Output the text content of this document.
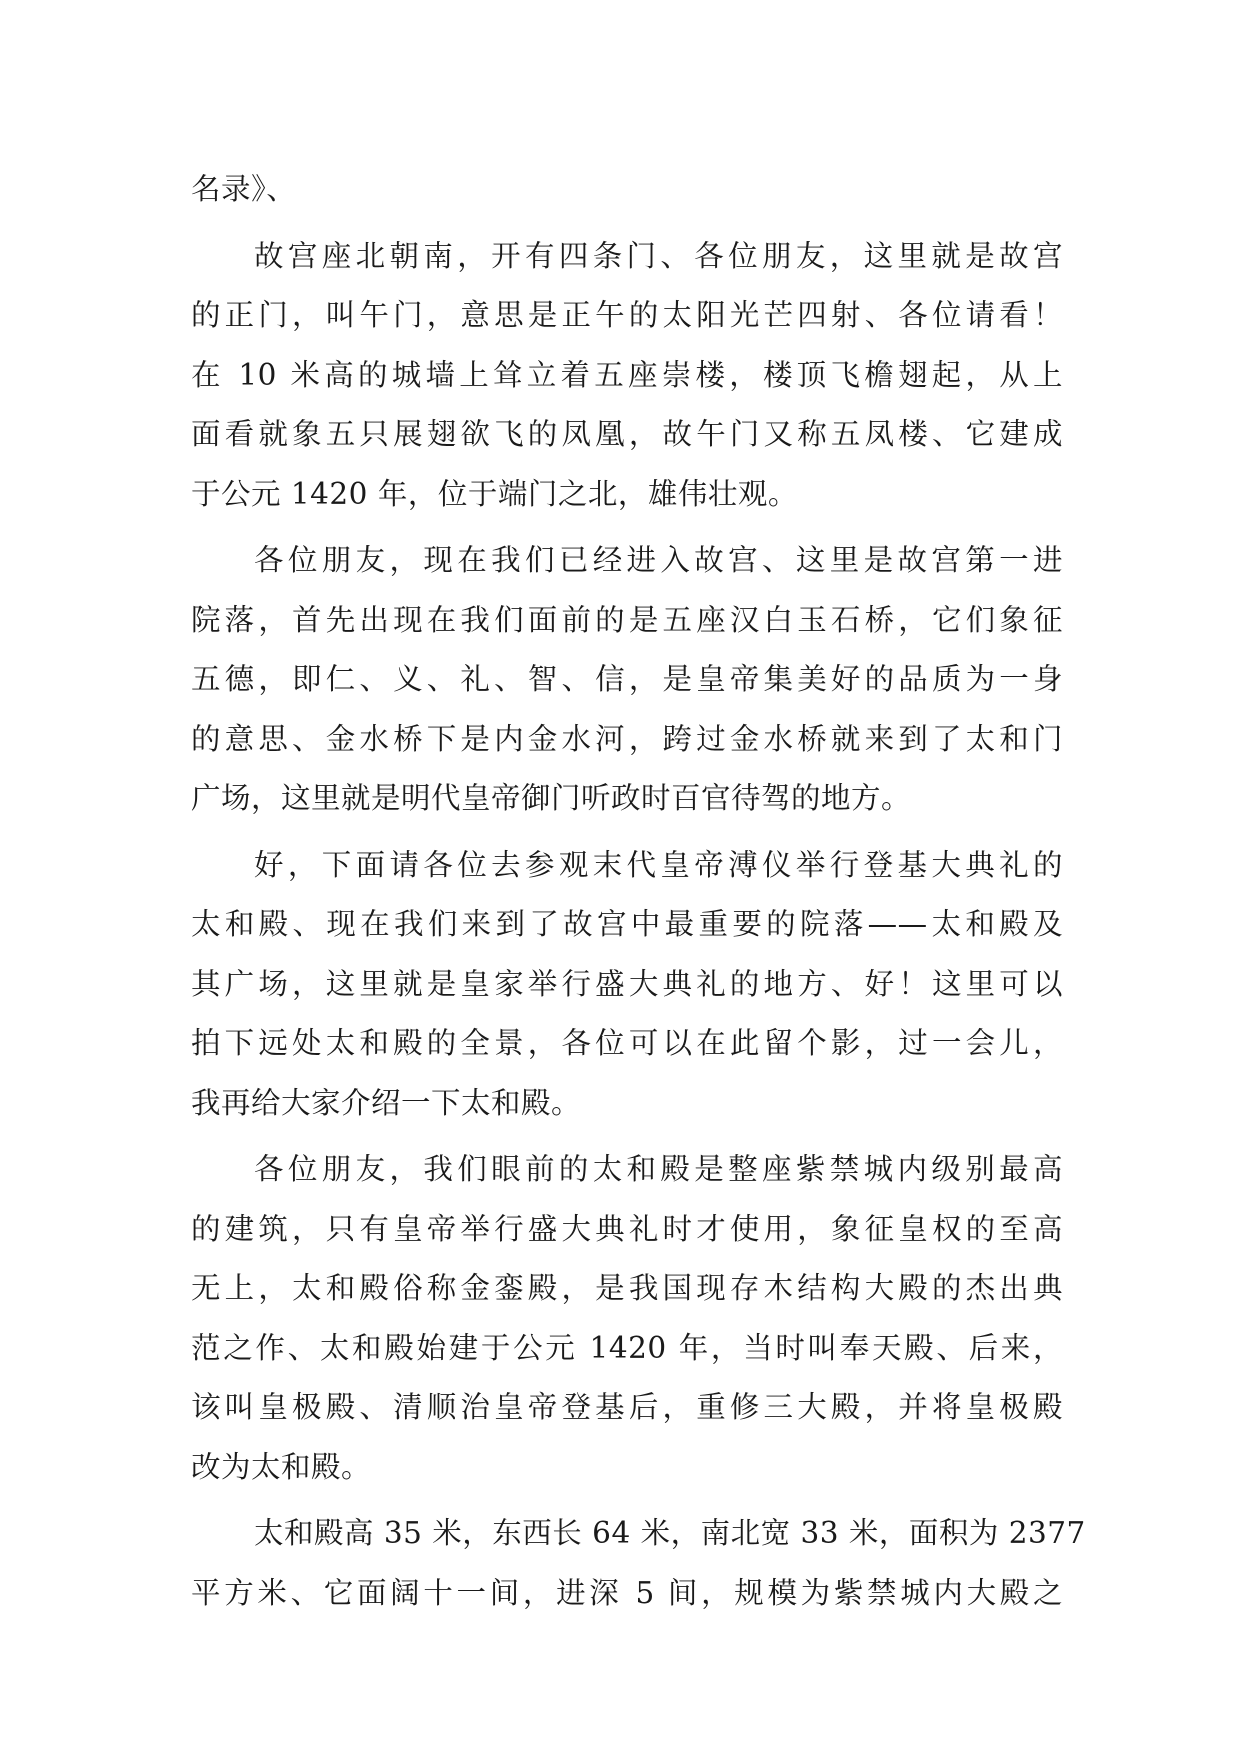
名录》、
故宫座北朝南，开有四条门、各位朋友，这里就是故宫
的正门，叫午门，意思是正午的太阳光芒四射、各位请看！
在 10 米高的城墙上耸立着五座崇楼，楼顶飞檐翅起，从上
面看就象五只展翅欲飞的凤凰，故午门又称五凤楼、它建成
于公元 1420 年，位于端门之北，雄伟壮观。
各位朋友，现在我们已经进入故宫、这里是故宫第一进
院落，首先出现在我们面前的是五座汉白玉石桥，它们象征
五德，即仁、义、礼、智、信，是皇帝集美好的品质为一身
的意思、金水桥下是内金水河，跨过金水桥就来到了太和门
广场，这里就是明代皇帝御门听政时百官待驾的地方。
好，下面请各位去参观末代皇帝溥仪举行登基大典礼的
太和殿、现在我们来到了故宫中最重要的院落——太和殿及
其广场，这里就是皇家举行盛大典礼的地方、好！这里可以
拍下远处太和殿的全景，各位可以在此留个影，过一会儿，
我再给大家介绍一下太和殿。
各位朋友，我们眼前的太和殿是整座紫禁城内级别最高
的建筑，只有皇帝举行盛大典礼时才使用，象征皇权的至高
无上，太和殿俗称金銮殿，是我国现存木结构大殿的杰出典
范之作、太和殿始建于公元 1420 年，当时叫奉天殿、后来，
该叫皇极殿、清顺治皇帝登基后，重修三大殿，并将皇极殿
改为太和殿。
太和殿高 35 米，东西长 64 米，南北宽 33 米，面积为 2377
平方米、它面阔十一间，进深 5 间，规模为紫禁城内大殿之
